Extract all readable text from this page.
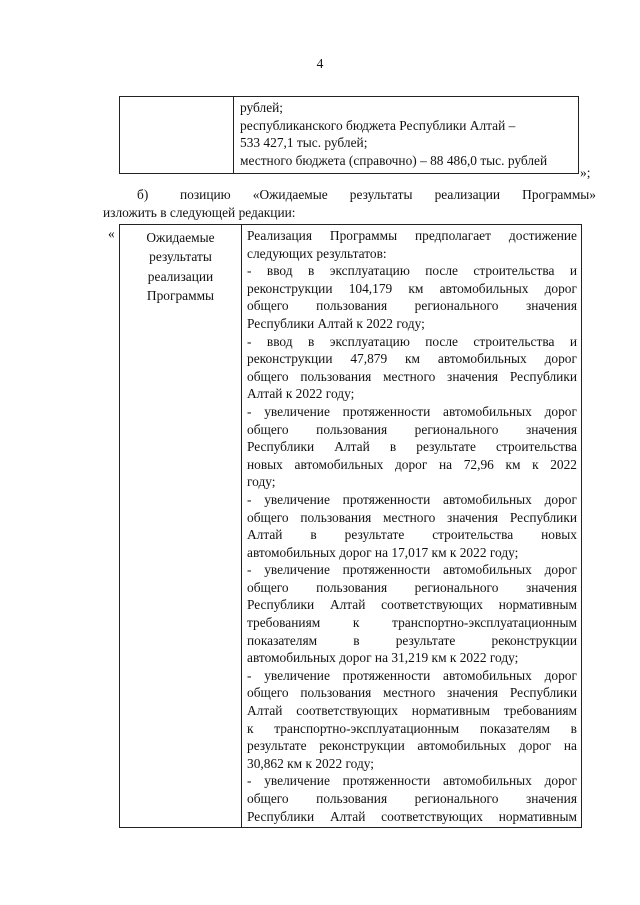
4
рублей;
республиканского бюджета Республики Алтай –
533 427,1 тыс. рублей;
местного бюджета (справочно) – 88 486,0 тыс. рублей
»;
б) позицию «Ожидаемые результаты реализации Программы»
изложить в следующей редакции:
«	Ожидаемые
результаты
реализации
Программы
Реализация Программы предполагает достижение
следующих результатов:
- ввод в эксплуатацию после строительства и
реконструкции 104,179 км автомобильных дорог
общего пользования регионального значения
Республики Алтай к 2022 году;
- ввод в эксплуатацию после строительства и
реконструкции 47,879 км автомобильных дорог
общего пользования местного значения Республики
Алтай к 2022 году;
- увеличение протяженности автомобильных дорог
общего пользования регионального значения
Республики Алтай в результате строительства
новых автомобильных дорог на 72,96 км к 2022
году;
- увеличение протяженности автомобильных дорог
общего пользования местного значения Республики
Алтай в результате строительства новых
автомобильных дорог на 17,017 км к 2022 году;
- увеличение протяженности автомобильных дорог
общего пользования регионального значения
Республики Алтай соответствующих нормативным
требованиям к транспортно-эксплуатационным
показателям в результате реконструкции
автомобильных дорог на 31,219 км к 2022 году;
- увеличение протяженности автомобильных дорог
общего пользования местного значения Республики
Алтай соответствующих нормативным требованиям
к транспортно-эксплуатационным показателям в
результате реконструкции автомобильных дорог на
30,862 км к 2022 году;
- увеличение протяженности автомобильных дорог
общего пользования регионального значения
Республики Алтай соответствующих нормативным
